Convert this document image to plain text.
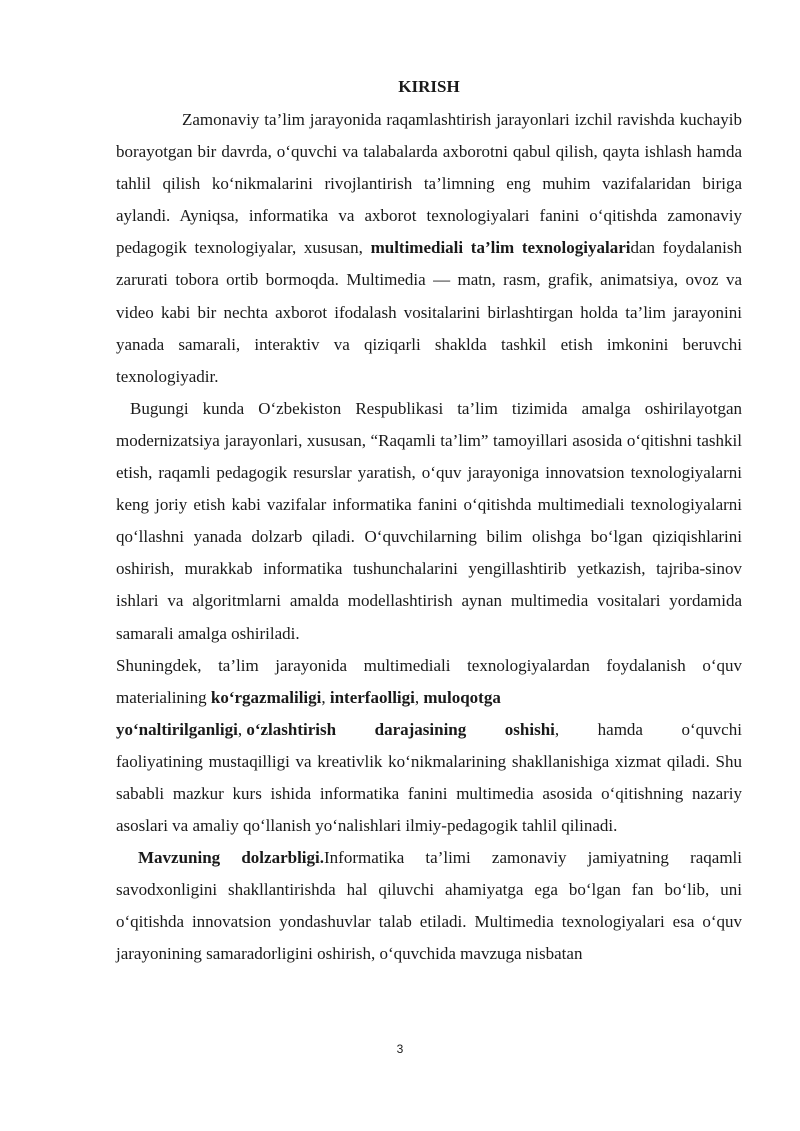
KIRISH

Zamonaviy ta’lim jarayonida raqamlashtirish jarayonlari izchil ravishda kuchayib borayotgan bir davrda, o‘quvchi va talabalarda axborotni qabul qilish, qayta ishlash hamda tahlil qilish ko‘nikmalarini rivojlantirish ta’limning eng muhim vazifalaridan biriga aylandi. Ayniqsa, informatika va axborot texnologiyalari fanini o‘qitishda zamonaviy pedagogik texnologiyalar, xususan, multimediali ta’lim texnologiyalaridan foydalanish zarurati tobora ortib bormoqda. Multimedia — matn, rasm, grafik, animatsiya, ovoz va video kabi bir nechta axborot ifodalash vositalarini birlashtirgan holda ta’lim jarayonini yanada samarali, interaktiv va qiziqarli shaklda tashkil etish imkonini beruvchi texnologiyadir.

Bugungi kunda O‘zbekiston Respublikasi ta’lim tizimida amalga oshirilayotgan modernizatsiya jarayonlari, xususan, “Raqamli ta’lim” tamoyillari asosida o‘qitishni tashkil etish, raqamli pedagogik resurslar yaratish, o‘quv jarayoniga innovatsion texnologiyalarni keng joriy etish kabi vazifalar informatika fanini o‘qitishda multimediali texnologiyalarni qo‘llashni yanada dolzarb qiladi. O‘quvchilarning bilim olishga bo‘lgan qiziqishlarini oshirish, murakkab informatika tushunchalarini yengillashtirib yetkazish, tajriba-sinov ishlari va algoritmlarni amalda modellashtirish aynan multimedia vositalari yordamida samarali amalga oshiriladi.

Shuningdek, ta’lim jarayonida multimediali texnologiyalardan foydalanish o‘quv materialining ko‘rgazmaliligi, interfaolligi, muloqotga

yo‘naltirilganligi, o‘zlashtirish darajasining oshishi, hamda o‘quvchi

faoliyatining mustaqilligi va kreativlik ko‘nikmalarining shakllanishiga xizmat qiladi. Shu sababli mazkur kurs ishida informatika fanini multimedia asosida o‘qitishning nazariy asoslari va amaliy qo‘llanish yo‘nalishlari ilmiy-pedagogik tahlil qilinadi.

Mavzuning dolzarbligi.Informatika ta’limi zamonaviy jamiyatning raqamli savodxonligini shakllantirishda hal qiluvchi ahamiyatga ega bo‘lgan fan bo‘lib, uni o‘qitishda innovatsion yondashuvlar talab etiladi. Multimedia texnologiyalari esa o‘quv jarayonining samaradorligini oshirish, o‘quvchida mavzuga nisbatan

3
